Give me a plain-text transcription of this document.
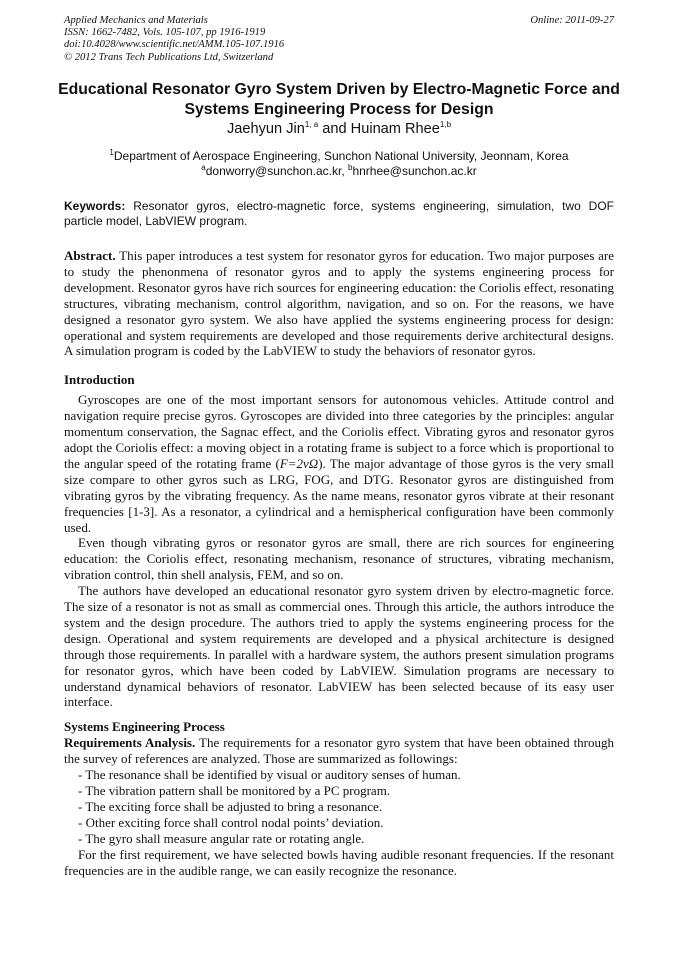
Applied Mechanics and Materials
ISSN: 1662-7482, Vols. 105-107, pp 1916-1919
doi:10.4028/www.scientific.net/AMM.105-107.1916
© 2012 Trans Tech Publications Ltd, Switzerland
Online: 2011-09-27
Educational Resonator Gyro System Driven by Electro-Magnetic Force and Systems Engineering Process for Design
Jaehyun Jin$^{1, a}$ and Huinam Rhee$^{1,b}$
$^1$Department of Aerospace Engineering, Sunchon National University, Jeonnam, Korea
$^a$donworry@sunchon.ac.kr, $^b$hnrhee@sunchon.ac.kr
Keywords: Resonator gyros, electro-magnetic force, systems engineering, simulation, two DOF particle model, LabVIEW program.

Abstract. This paper introduces a test system for resonator gyros for education. Two major purposes are to study the phenonmena of resonator gyros and to apply the systems engineering process for development. Resonator gyros have rich sources for engineering education: the Coriolis effect, resonating structures, vibrating mechanism, control algorithm, navigation, and so on. For the reasons, we have designed a resonator gyro system. We also have applied the systems engineering process for design: operational and system requirements are developed and those requirements derive architectural designs. A simulation program is coded by the LabVIEW to study the behaviors of resonator gyros.

Introduction

Gyroscopes are one of the most important sensors for autonomous vehicles. Attitude control and navigation require precise gyros. Gyroscopes are divided into three categories by the principles: angular momentum conservation, the Sagnac effect, and the Coriolis effect. Vibrating gyros and resonator gyros adopt the Coriolis effect: a moving object in a rotating frame is subject to a force which is proportional to the angular speed of the rotating frame (F=2vΩ). The major advantage of those gyros is the very small size compare to other gyros such as LRG, FOG, and DTG. Resonator gyros are distinguished from vibrating gyros by the vibrating frequency. As the name means, resonator gyros vibrate at their resonant frequencies [1-3]. As a resonator, a cylindrical and a hemispherical configuration have been commonly used.

Even though vibrating gyros or resonator gyros are small, there are rich sources for engineering education: the Coriolis effect, resonating mechanism, resonance of structures, vibrating mechanism, vibration control, thin shell analysis, FEM, and so on.

The authors have developed an educational resonator gyro system driven by electro-magnetic force. The size of a resonator is not as small as commercial ones. Through this article, the authors introduce the system and the design procedure. The authors tried to apply the systems engineering process for the design. Operational and system requirements are developed and a physical architecture is designed through those requirements. In parallel with a hardware system, the authors present simulation programs for resonator gyros, which have been coded by LabVIEW. Simulation programs are necessary to understand dynamical behaviors of resonator. LabVIEW has been selected because of its easy user interface.

Systems Engineering Process

Requirements Analysis. The requirements for a resonator gyro system that have been obtained through the survey of references are analyzed. Those are summarized as followings:

- The resonance shall be identified by visual or auditory senses of human.

- The vibration pattern shall be monitored by a PC program.

- The exciting force shall be adjusted to bring a resonance.

- Other exciting force shall control nodal points’ deviation.

- The gyro shall measure angular rate or rotating angle.

For the first requirement, we have selected bowls having audible resonant frequencies. If the resonant frequencies are in the audible range, we can easily recognize the resonance.
